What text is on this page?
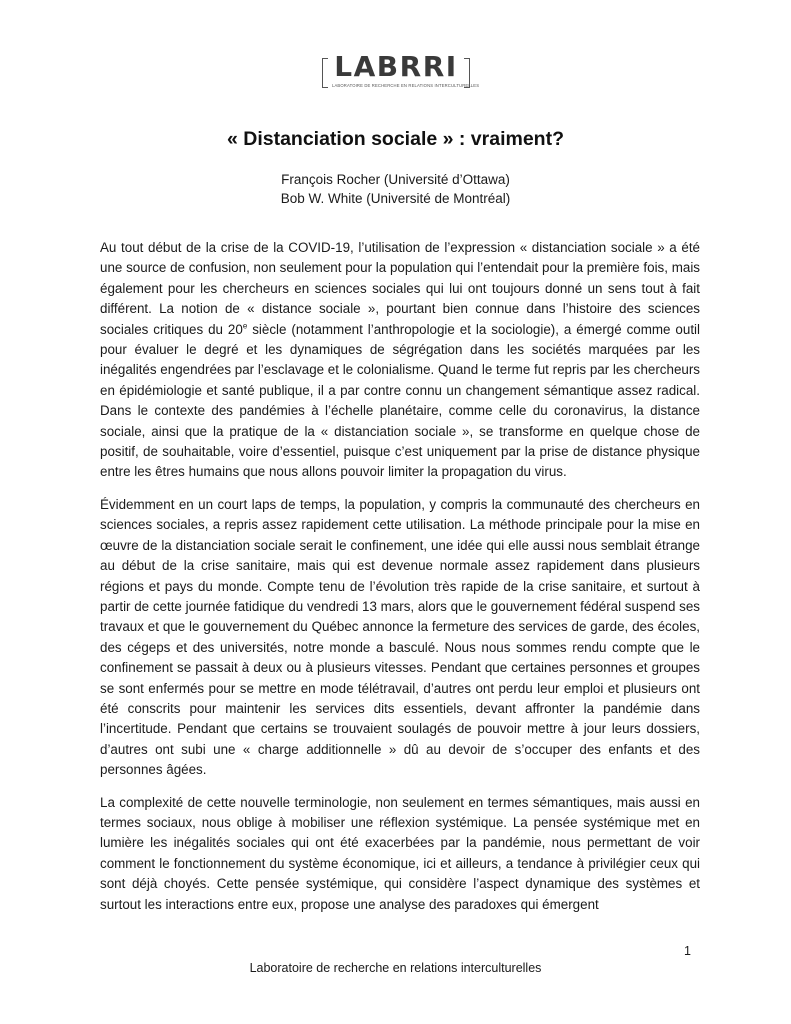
LABRRI
LABORATOIRE DE RECHERCHE EN RELATIONS INTERCULTURELLES
« Distanciation sociale » : vraiment?
François Rocher (Université d’Ottawa)
Bob W. White (Université de Montréal)

Au tout début de la crise de la COVID-19, l’utilisation de l’expression « distanciation sociale » a été une source de confusion, non seulement pour la population qui l’entendait pour la première fois, mais également pour les chercheurs en sciences sociales qui lui ont toujours donné un sens tout à fait différent. La notion de « distance sociale », pourtant bien connue dans l’histoire des sciences sociales critiques du 20e siècle (notamment l’anthropologie et la sociologie), a émergé comme outil pour évaluer le degré et les dynamiques de ségrégation dans les sociétés marquées par les inégalités engendrées par l’esclavage et le colonialisme. Quand le terme fut repris par les chercheurs en épidémiologie et santé publique, il a par contre connu un changement sémantique assez radical. Dans le contexte des pandémies à l’échelle planétaire, comme celle du coronavirus, la distance sociale, ainsi que la pratique de la « distanciation sociale », se transforme en quelque chose de positif, de souhaitable, voire d’essentiel, puisque c’est uniquement par la prise de distance physique entre les êtres humains que nous allons pouvoir limiter la propagation du virus.

Évidemment en un court laps de temps, la population, y compris la communauté des chercheurs en sciences sociales, a repris assez rapidement cette utilisation. La méthode principale pour la mise en œuvre de la distanciation sociale serait le confinement, une idée qui elle aussi nous semblait étrange au début de la crise sanitaire, mais qui est devenue normale assez rapidement dans plusieurs régions et pays du monde. Compte tenu de l’évolution très rapide de la crise sanitaire, et surtout à partir de cette journée fatidique du vendredi 13 mars, alors que le gouvernement fédéral suspend ses travaux et que le gouvernement du Québec annonce la fermeture des services de garde, des écoles, des cégeps et des universités, notre monde a basculé. Nous nous sommes rendu compte que le confinement se passait à deux ou à plusieurs vitesses. Pendant que certaines personnes et groupes se sont enfermés pour se mettre en mode télétravail, d’autres ont perdu leur emploi et plusieurs ont été conscrits pour maintenir les services dits essentiels, devant affronter la pandémie dans l’incertitude. Pendant que certains se trouvaient soulagés de pouvoir mettre à jour leurs dossiers, d’autres ont subi une « charge additionnelle » dû au devoir de s’occuper des enfants et des personnes âgées.

La complexité de cette nouvelle terminologie, non seulement en termes sémantiques, mais aussi en termes sociaux, nous oblige à mobiliser une réflexion systémique. La pensée systémique met en lumière les inégalités sociales qui ont été exacerbées par la pandémie, nous permettant de voir comment le fonctionnement du système économique, ici et ailleurs, a tendance à privilégier ceux qui sont déjà choyés. Cette pensée systémique, qui considère l’aspect dynamique des systèmes et surtout les interactions entre eux, propose une analyse des paradoxes qui émergent

1
Laboratoire de recherche en relations interculturelles
